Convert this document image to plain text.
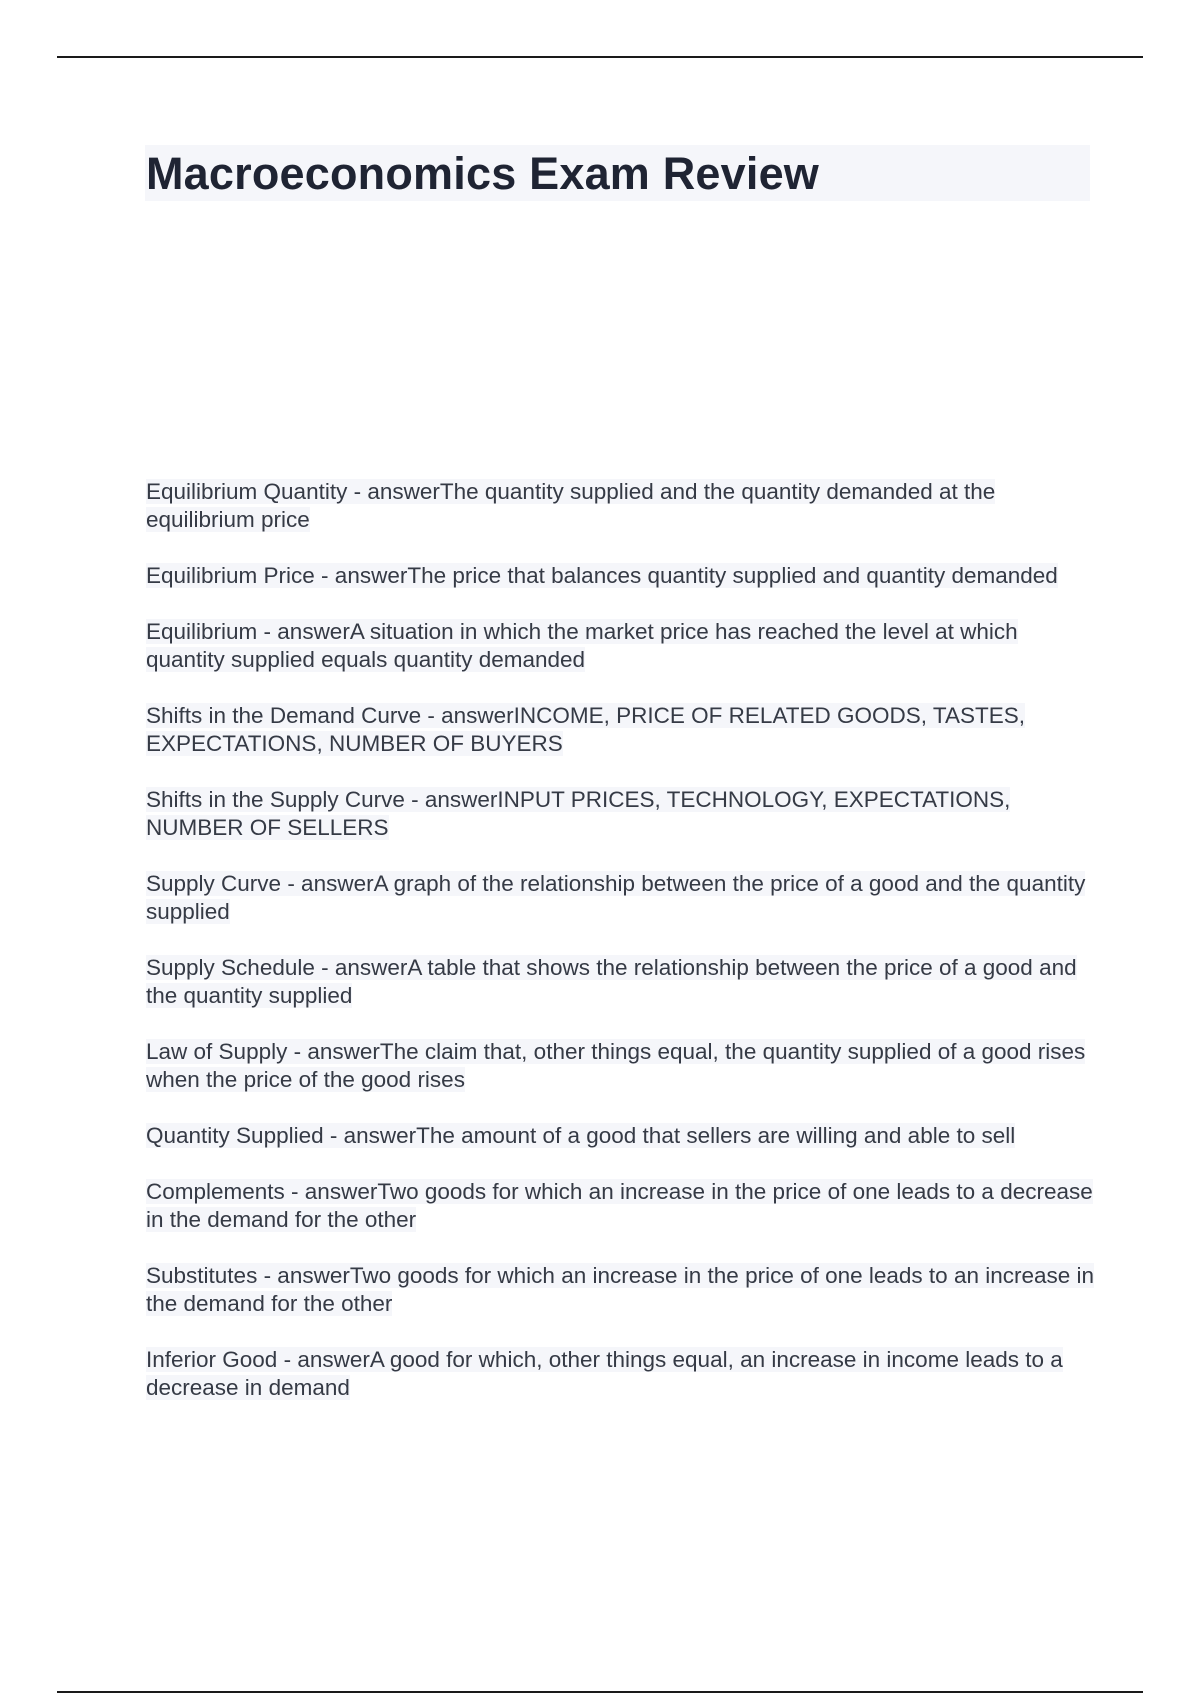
Macroeconomics Exam Review
Equilibrium Quantity - answerThe quantity supplied and the quantity demanded at the equilibrium price
Equilibrium Price - answerThe price that balances quantity supplied and quantity demanded
Equilibrium - answerA situation in which the market price has reached the level at which quantity supplied equals quantity demanded
Shifts in the Demand Curve - answerINCOME, PRICE OF RELATED GOODS, TASTES, EXPECTATIONS, NUMBER OF BUYERS
Shifts in the Supply Curve - answerINPUT PRICES, TECHNOLOGY, EXPECTATIONS, NUMBER OF SELLERS
Supply Curve - answerA graph of the relationship between the price of a good and the quantity supplied
Supply Schedule - answerA table that shows the relationship between the price of a good and the quantity supplied
Law of Supply - answerThe claim that, other things equal, the quantity supplied of a good rises when the price of the good rises
Quantity Supplied - answerThe amount of a good that sellers are willing and able to sell
Complements - answerTwo goods for which an increase in the price of one leads to a decrease in the demand for the other
Substitutes - answerTwo goods for which an increase in the price of one leads to an increase in the demand for the other
Inferior Good - answerA good for which, other things equal, an increase in income leads to a decrease in demand
